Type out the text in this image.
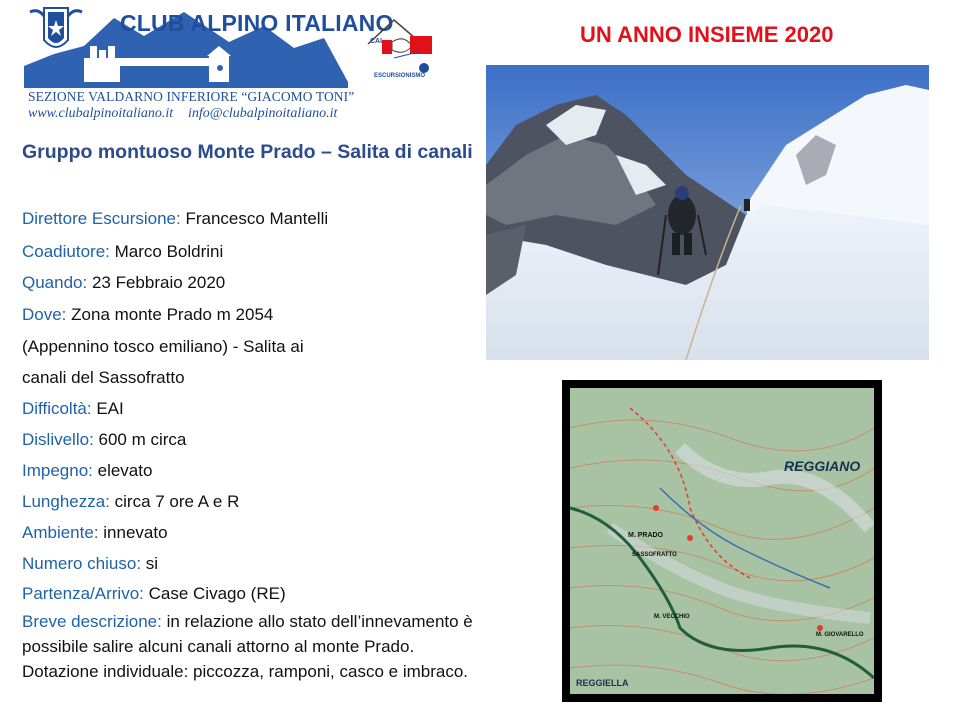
CLUB ALPINO ITALIANO
SEZIONE VALDARNO INFERIORE “GIACOMO TONI”
www.clubalpinoitaliano.it info@clubalpinoitaliano.it
CAI
ESCURSIONISMO
UN ANNO INSIEME 2020
Gruppo montuoso Monte Prado – Salita di canali
Direttore Escursione: Francesco Mantelli
Coadiutore: Marco Boldrini
Quando: 23 Febbraio 2020
Dove: Zona monte Prado m 2054
(Appennino tosco emiliano) - Salita ai
canali del Sassofratto
Difficoltà: EAI
Dislivello: 600 m circa
Impegno: elevato
Lunghezza: circa 7 ore A e R
Ambiente: innevato
Numero chiuso: si
Partenza/Arrivo: Case Civago (RE)
Breve descrizione: in relazione allo stato dell’innevamento è possibile salire alcuni canali attorno al monte Prado. Dotazione individuale: piccozza, ramponi, casco e imbraco.
REGGIANO
M. PRADO
SASSOFRATTO
M. VECCHIO
M. GIOVARELLO
REGGIELLA
